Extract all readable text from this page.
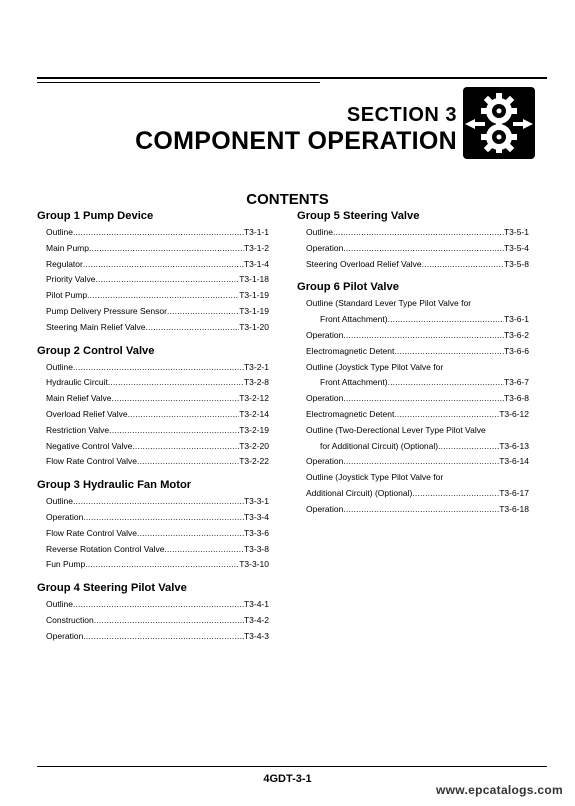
SECTION 3
COMPONENT OPERATION
CONTENTS
Group 1 Pump Device
Outline .....	T3-1-1
Main Pump .....	T3-1-2
Regulator .....	T3-1-4
Priority Valve .....	T3-1-18
Pilot Pump .....	T3-1-19
Pump Delivery Pressure Sensor .....	T3-1-19
Steering Main Relief Valve .....	T3-1-20
Group 2 Control Valve
Outline .....	T3-2-1
Hydraulic Circuit .....	T3-2-8
Main Relief Valve .....	T3-2-12
Overload Relief Valve .....	T3-2-14
Restriction Valve .....	T3-2-19
Negative Control Valve .....	T3-2-20
Flow Rate Control Valve .....	T3-2-22
Group 3 Hydraulic Fan Motor
Outline .....	T3-3-1
Operation .....	T3-3-4
Flow Rate Control Valve .....	T3-3-6
Reverse Rotation Control Valve .....	T3-3-8
Fun Pump .....	T3-3-10
Group 4 Steering Pilot Valve
Outline .....	T3-4-1
Construction .....	T3-4-2
Operation .....	T3-4-3
Group 5 Steering Valve
Outline .....	T3-5-1
Operation .....	T3-5-4
Steering Overload Relief Valve .....	T3-5-8
Group 6 Pilot Valve
Outline (Standard Lever Type Pilot Valve for
Front Attachment) .....	T3-6-1
Operation .....	T3-6-2
Electromagnetic Detent .....	T3-6-6
Outline (Joystick Type Pilot Valve for
Front Attachment) .....	T3-6-7
Operation .....	T3-6-8
Electromagnetic Detent .....	T3-6-12
Outline (Two-Derectional Lever Type Pilot Valve
for Additional Circuit) (Optional) .....	T3-6-13
Operation .....	T3-6-14
Outline (Joystick Type Pilot Valve for
Additional Circuit) (Optional) .....	T3-6-17
Operation .....	T3-6-18
4GDT-3-1
www.epcatalogs.com
